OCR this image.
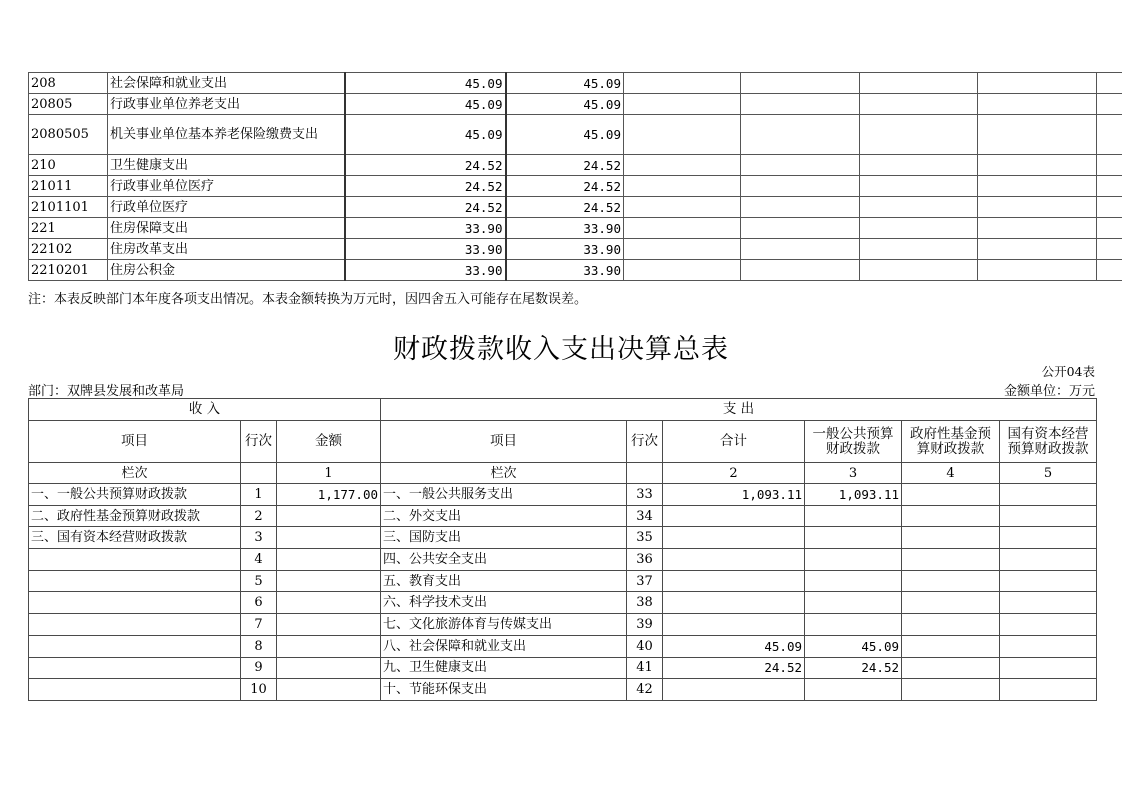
208	社会保障和就业支出	45.09	45.09					
20805	行政事业单位养老支出	45.09	45.09					
2080505	机关事业单位基本养老保险缴费支出	45.09	45.09					
210	卫生健康支出	24.52	24.52					
21011	行政事业单位医疗	24.52	24.52					
2101101	行政单位医疗	24.52	24.52					
221	住房保障支出	33.90	33.90					
22102	住房改革支出	33.90	33.90					
2210201	住房公积金	33.90	33.90					
注：本表反映部门本年度各项支出情况。本表金额转换为万元时，因四舍五入可能存在尾数误差。
财政拨款收入支出决算总表
公开04表
部门：双牌县发展和改革局	金额单位：万元
收 入			支 出					
项目	行次	金额	项目	行次	合计	一般公共预算财政拨款	政府性基金预算财政拨款	国有资本经营预算财政拨款
栏次		1	栏次		2	3	4	5
一、一般公共预算财政拨款	1	1,177.00	一、一般公共服务支出	33	1,093.11	1,093.11		
二、政府性基金预算财政拨款	2		二、外交支出	34				
三、国有资本经营财政拨款	3		三、国防支出	35				
	4		四、公共安全支出	36				
	5		五、教育支出	37				
	6		六、科学技术支出	38				
	7		七、文化旅游体育与传媒支出	39				
	8		八、社会保障和就业支出	40	45.09	45.09		
	9		九、卫生健康支出	41	24.52	24.52		
	10		十、节能环保支出	42				
